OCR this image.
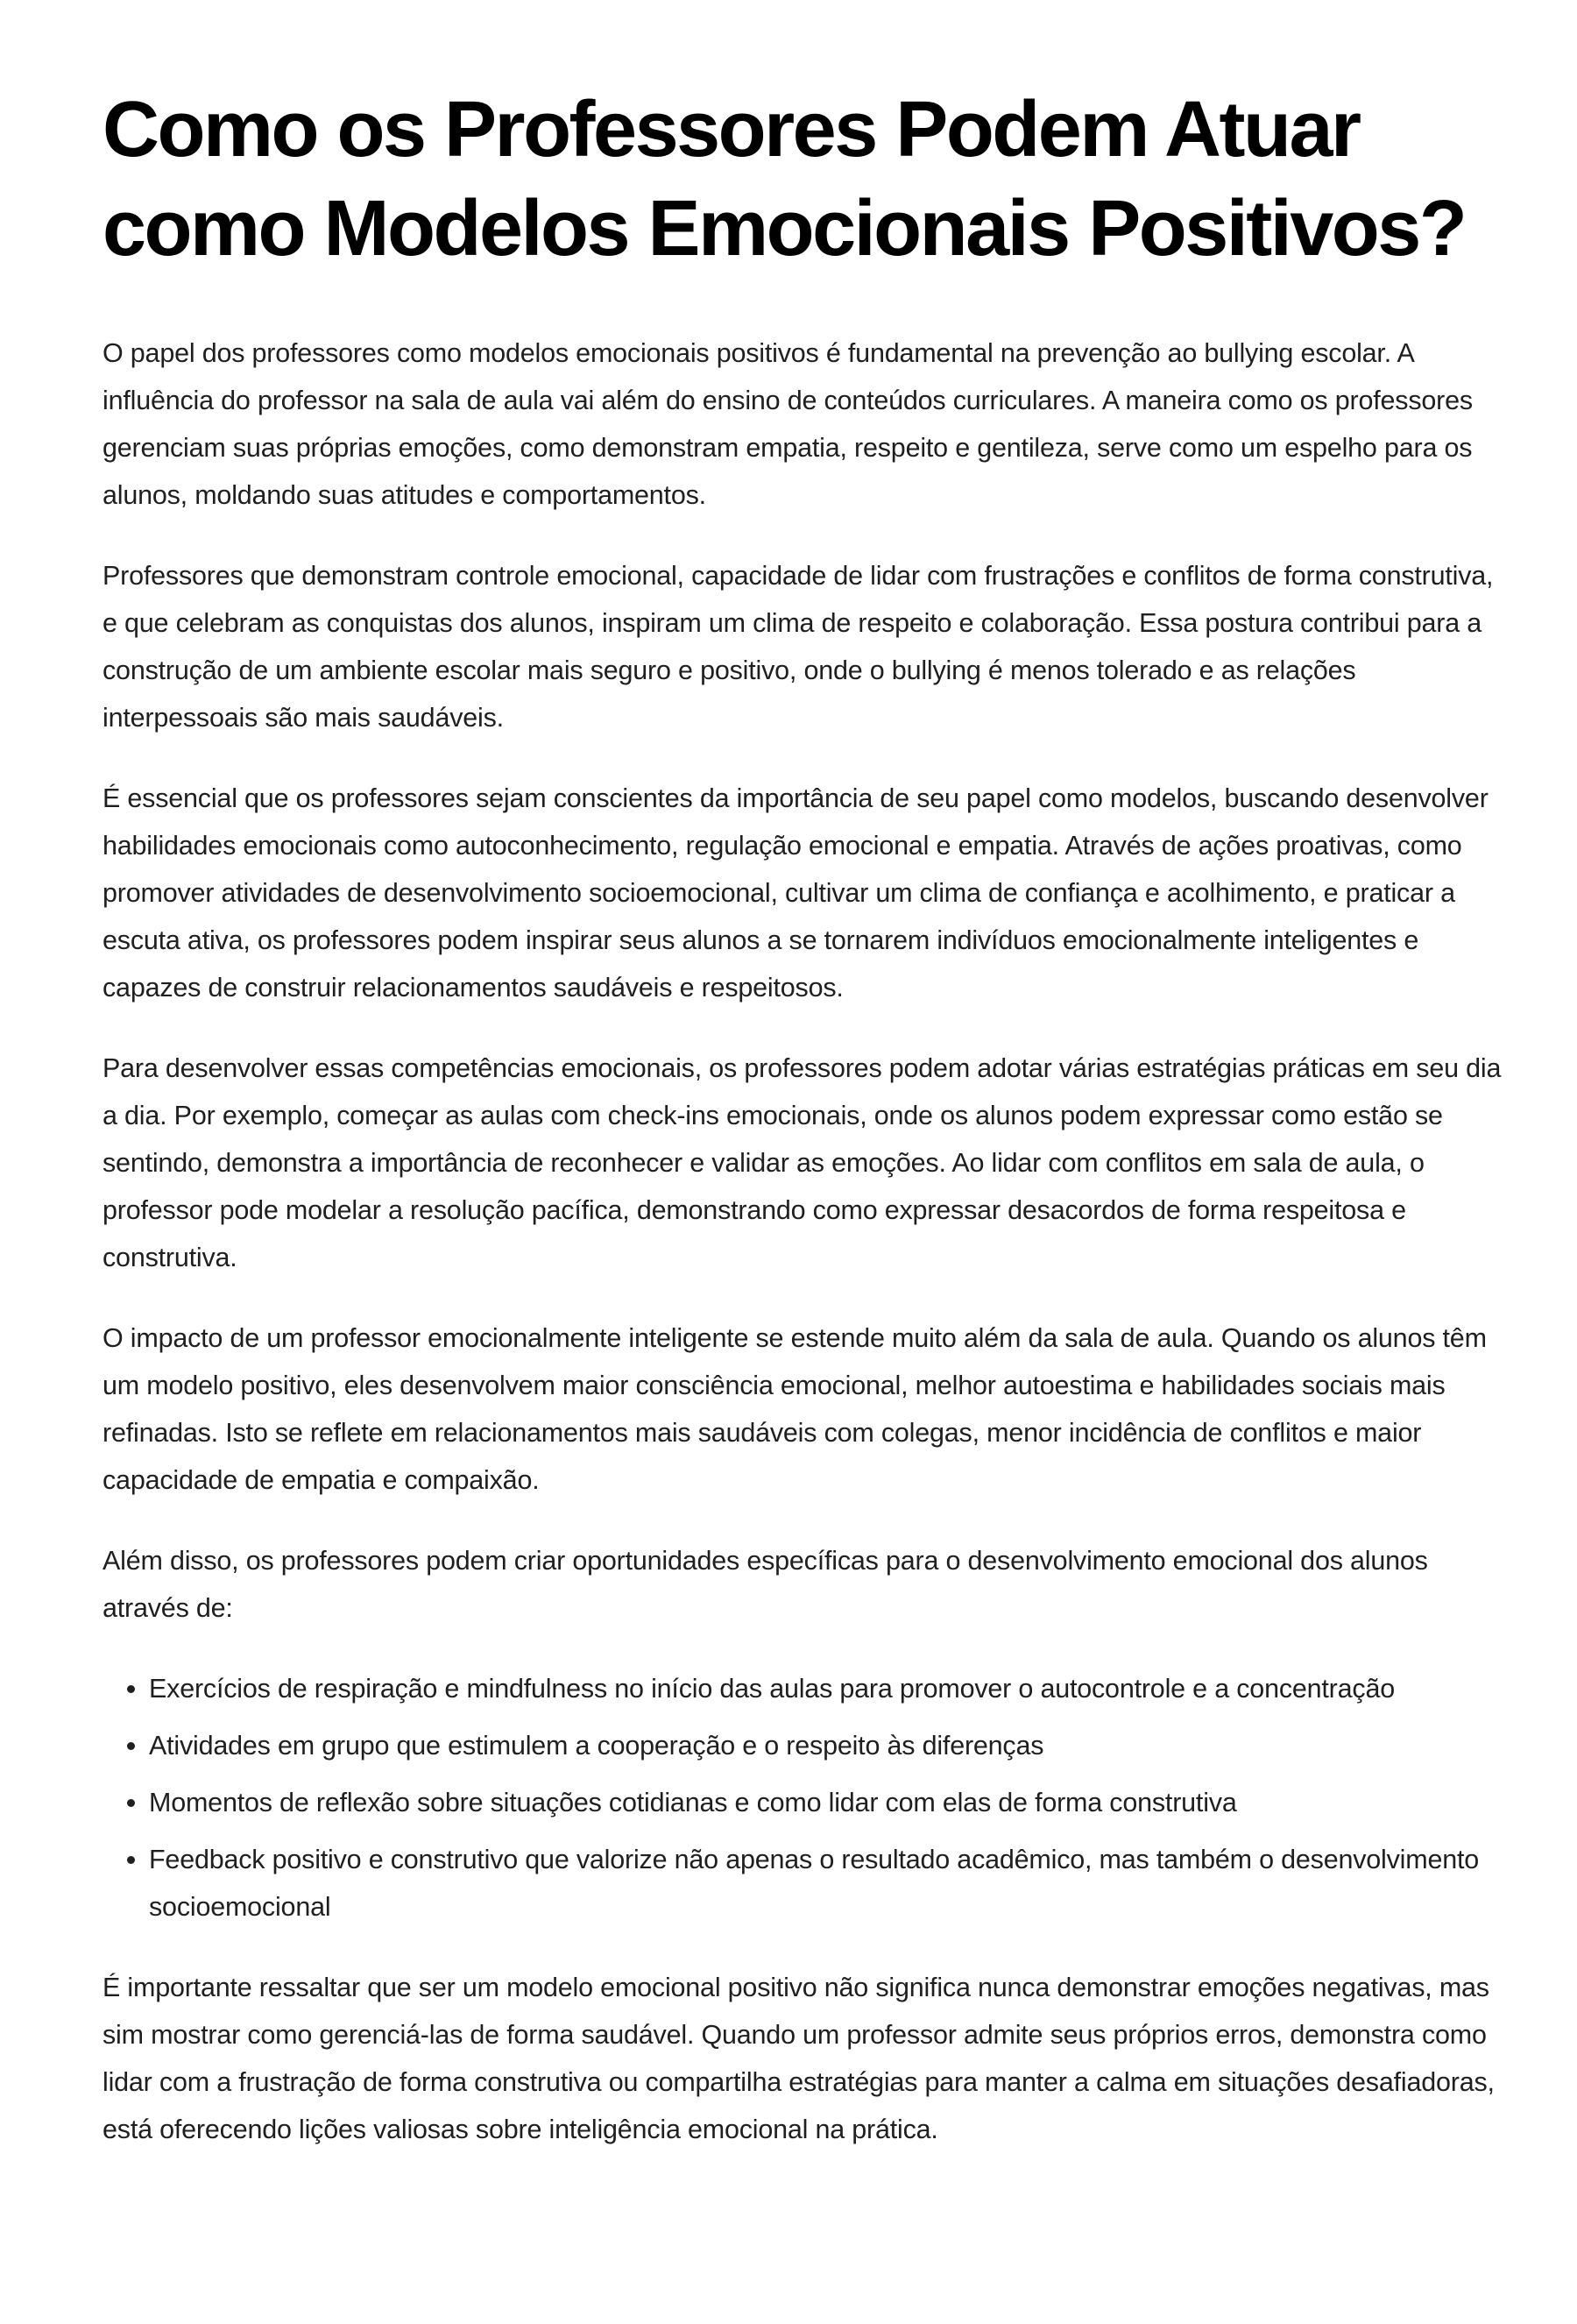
Como os Professores Podem Atuar como Modelos Emocionais Positivos?

O papel dos professores como modelos emocionais positivos é fundamental na prevenção ao bullying escolar. A influência do professor na sala de aula vai além do ensino de conteúdos curriculares. A maneira como os professores gerenciam suas próprias emoções, como demonstram empatia, respeito e gentileza, serve como um espelho para os alunos, moldando suas atitudes e comportamentos.

Professores que demonstram controle emocional, capacidade de lidar com frustrações e conflitos de forma construtiva, e que celebram as conquistas dos alunos, inspiram um clima de respeito e colaboração. Essa postura contribui para a construção de um ambiente escolar mais seguro e positivo, onde o bullying é menos tolerado e as relações interpessoais são mais saudáveis.

É essencial que os professores sejam conscientes da importância de seu papel como modelos, buscando desenvolver habilidades emocionais como autoconhecimento, regulação emocional e empatia. Através de ações proativas, como promover atividades de desenvolvimento socioemocional, cultivar um clima de confiança e acolhimento, e praticar a escuta ativa, os professores podem inspirar seus alunos a se tornarem indivíduos emocionalmente inteligentes e capazes de construir relacionamentos saudáveis e respeitosos.

Para desenvolver essas competências emocionais, os professores podem adotar várias estratégias práticas em seu dia a dia. Por exemplo, começar as aulas com check-ins emocionais, onde os alunos podem expressar como estão se sentindo, demonstra a importância de reconhecer e validar as emoções. Ao lidar com conflitos em sala de aula, o professor pode modelar a resolução pacífica, demonstrando como expressar desacordos de forma respeitosa e construtiva.

O impacto de um professor emocionalmente inteligente se estende muito além da sala de aula. Quando os alunos têm um modelo positivo, eles desenvolvem maior consciência emocional, melhor autoestima e habilidades sociais mais refinadas. Isto se reflete em relacionamentos mais saudáveis com colegas, menor incidência de conflitos e maior capacidade de empatia e compaixão.

Além disso, os professores podem criar oportunidades específicas para o desenvolvimento emocional dos alunos através de:

• Exercícios de respiração e mindfulness no início das aulas para promover o autocontrole e a concentração
• Atividades em grupo que estimulem a cooperação e o respeito às diferenças
• Momentos de reflexão sobre situações cotidianas e como lidar com elas de forma construtiva
• Feedback positivo e construtivo que valorize não apenas o resultado acadêmico, mas também o desenvolvimento socioemocional

É importante ressaltar que ser um modelo emocional positivo não significa nunca demonstrar emoções negativas, mas sim mostrar como gerenciá-las de forma saudável. Quando um professor admite seus próprios erros, demonstra como lidar com a frustração de forma construtiva ou compartilha estratégias para manter a calma em situações desafiadoras, está oferecendo lições valiosas sobre inteligência emocional na prática.
